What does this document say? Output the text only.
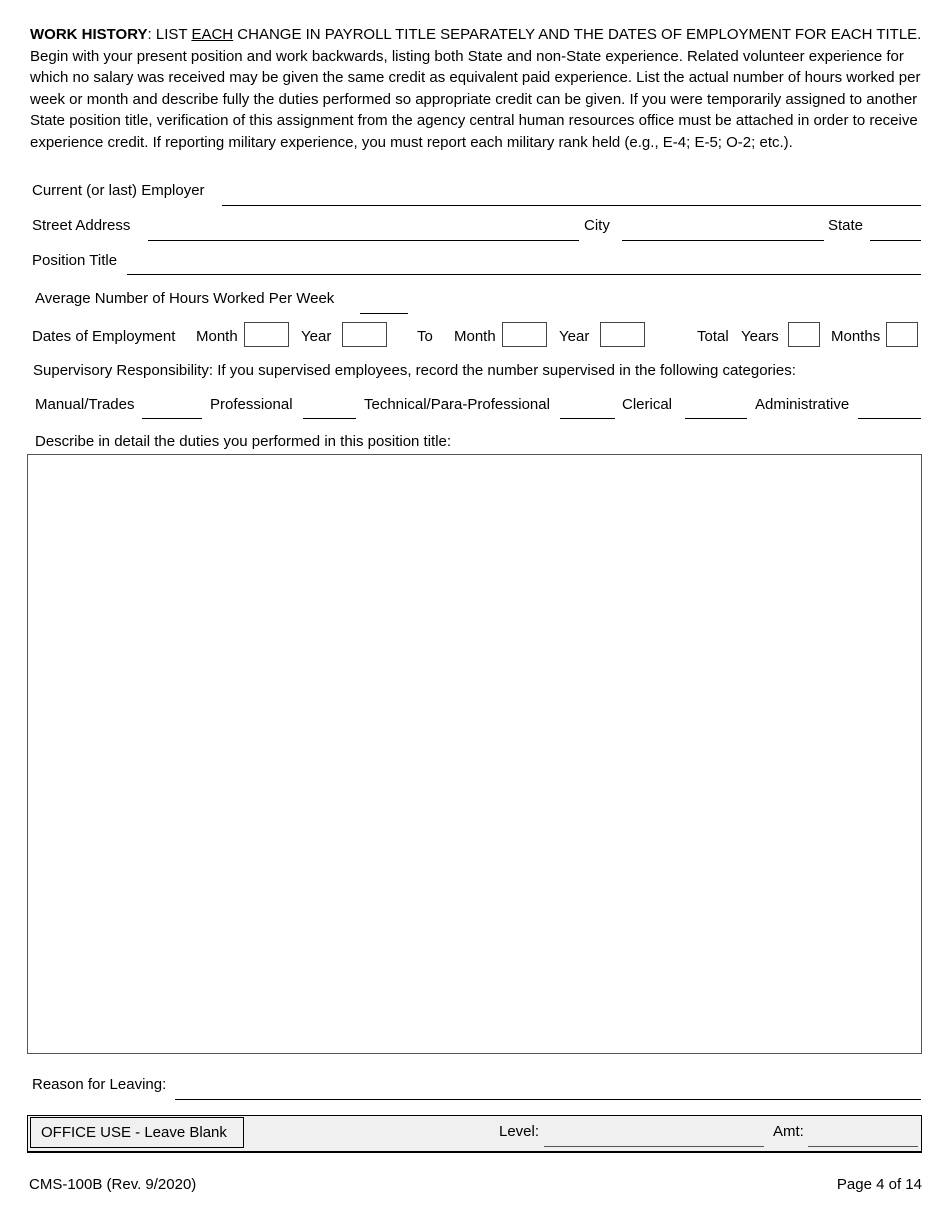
WORK HISTORY: LIST EACH CHANGE IN PAYROLL TITLE SEPARATELY AND THE DATES OF EMPLOYMENT FOR EACH TITLE. Begin with your present position and work backwards, listing both State and non-State experience. Related volunteer experience for which no salary was received may be given the same credit as equivalent paid experience. List the actual number of hours worked per week or month and describe fully the duties performed so appropriate credit can be given. If you were temporarily assigned to another State position title, verification of this assignment from the agency central human resources office must be attached in order to receive experience credit. If reporting military experience, you must report each military rank held (e.g., E-4; E-5; O-2; etc.).
Current (or last) Employer
Street Address	City	State
Position Title
Average Number of Hours Worked Per Week
Dates of Employment Month	Year	To Month	Year	Total Years	Months
Supervisory Responsibility: If you supervised employees, record the number supervised in the following categories:
Manual/Trades	Professional	Technical/Para-Professional	Clerical	Administrative
Describe in detail the duties you performed in this position title:
Reason for Leaving:
OFFICE USE - Leave Blank	Level:	Amt:
CMS-100B (Rev. 9/2020)	Page 4 of 14
